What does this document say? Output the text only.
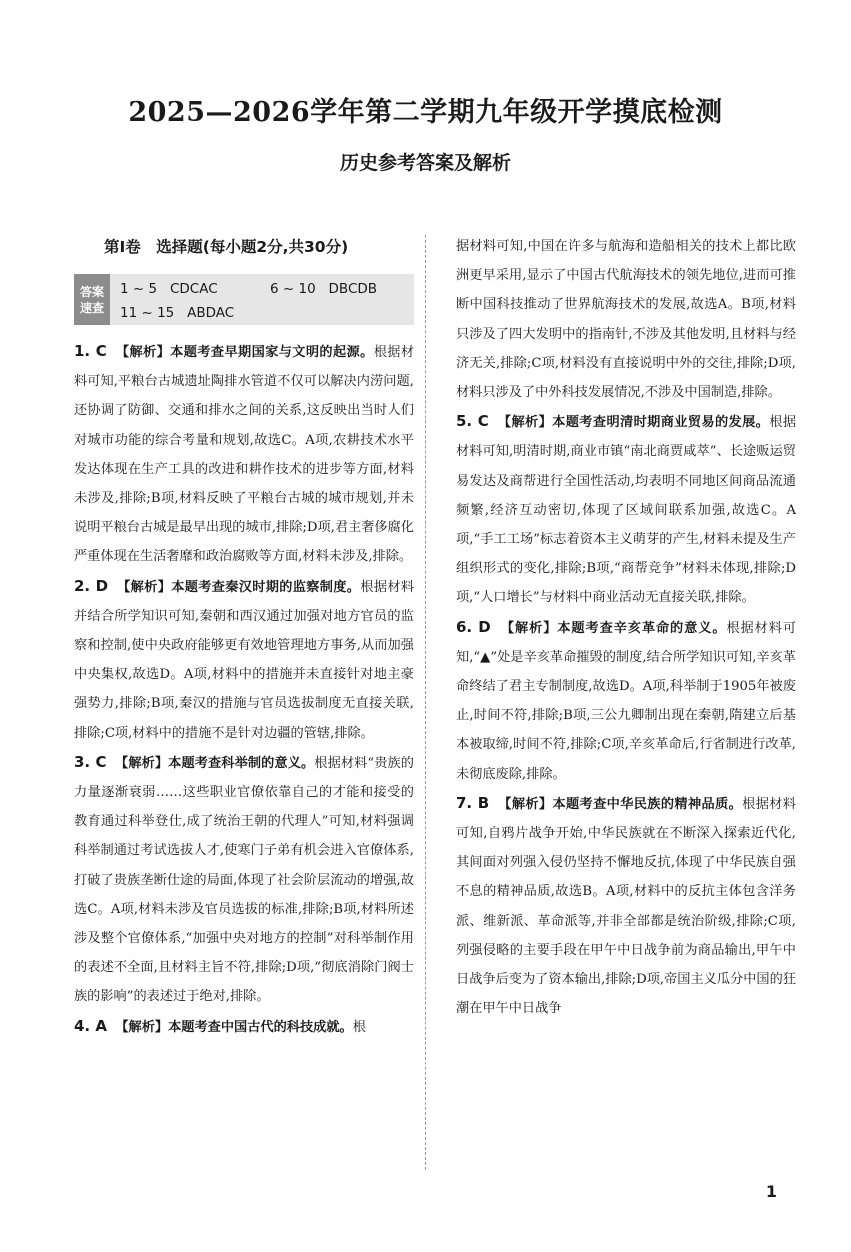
2025—2026学年第二学期九年级开学摸底检测
历史参考答案及解析
第Ⅰ卷　选择题(每小题2分,共30分)
答案速查
1 ~ 5   CDCAC	6 ~ 10   DBCDB
11 ~ 15   ABDAC
1. C 【解析】本题考查早期国家与文明的起源。根据材料可知,平粮台古城遗址陶排水管道不仅可以解决内涝问题,还协调了防御、交通和排水之间的关系,这反映出当时人们对城市功能的综合考量和规划,故选C。A项,农耕技术水平发达体现在生产工具的改进和耕作技术的进步等方面,材料未涉及,排除;B项,材料反映了平粮台古城的城市规划,并未说明平粮台古城是最早出现的城市,排除;D项,君主奢侈腐化严重体现在生活奢靡和政治腐败等方面,材料未涉及,排除。
2. D 【解析】本题考查秦汉时期的监察制度。根据材料并结合所学知识可知,秦朝和西汉通过加强对地方官员的监察和控制,使中央政府能够更有效地管理地方事务,从而加强中央集权,故选D。A项,材料中的措施并未直接针对地主豪强势力,排除;B项,秦汉的措施与官员选拔制度无直接关联,排除;C项,材料中的措施不是针对边疆的管辖,排除。
3. C 【解析】本题考查科举制的意义。根据材料“贵族的力量逐渐衰弱……这些职业官僚依靠自己的才能和接受的教育通过科举登仕,成了统治王朝的代理人”可知,材料强调科举制通过考试选拔人才,使寒门子弟有机会进入官僚体系,打破了贵族垄断仕途的局面,体现了社会阶层流动的增强,故选C。A项,材料未涉及官员选拔的标准,排除;B项,材料所述涉及整个官僚体系,“加强中央对地方的控制”对科举制作用的表述不全面,且材料主旨不符,排除;D项,“彻底消除门阀士族的影响”的表述过于绝对,排除。
4. A 【解析】本题考查中国古代的科技成就。根
据材料可知,中国在许多与航海和造船相关的技术上都比欧洲更早采用,显示了中国古代航海技术的领先地位,进而可推断中国科技推动了世界航海技术的发展,故选A。B项,材料只涉及了四大发明中的指南针,不涉及其他发明,且材料与经济无关,排除;C项,材料没有直接说明中外的交往,排除;D项,材料只涉及了中外科技发展情况,不涉及中国制造,排除。
5. C 【解析】本题考查明清时期商业贸易的发展。根据材料可知,明清时期,商业市镇“南北商贾咸萃”、长途贩运贸易发达及商帮进行全国性活动,均表明不同地区间商品流通频繁,经济互动密切,体现了区域间联系加强,故选C。A项,“手工工场”标志着资本主义萌芽的产生,材料未提及生产组织形式的变化,排除;B项,“商帮竞争”材料未体现,排除;D项,“人口增长”与材料中商业活动无直接关联,排除。
6. D 【解析】本题考查辛亥革命的意义。根据材料可知,“▲”处是辛亥革命摧毁的制度,结合所学知识可知,辛亥革命终结了君主专制制度,故选D。A项,科举制于1905年被废止,时间不符,排除;B项,三公九卿制出现在秦朝,隋建立后基本被取缔,时间不符,排除;C项,辛亥革命后,行省制进行改革,未彻底废除,排除。
7. B 【解析】本题考查中华民族的精神品质。根据材料可知,自鸦片战争开始,中华民族就在不断深入探索近代化,其间面对列强入侵仍坚持不懈地反抗,体现了中华民族自强不息的精神品质,故选B。A项,材料中的反抗主体包含洋务派、维新派、革命派等,并非全部都是统治阶级,排除;C项,列强侵略的主要手段在甲午中日战争前为商品输出,甲午中日战争后变为了资本输出,排除;D项,帝国主义瓜分中国的狂潮在甲午中日战争
1
